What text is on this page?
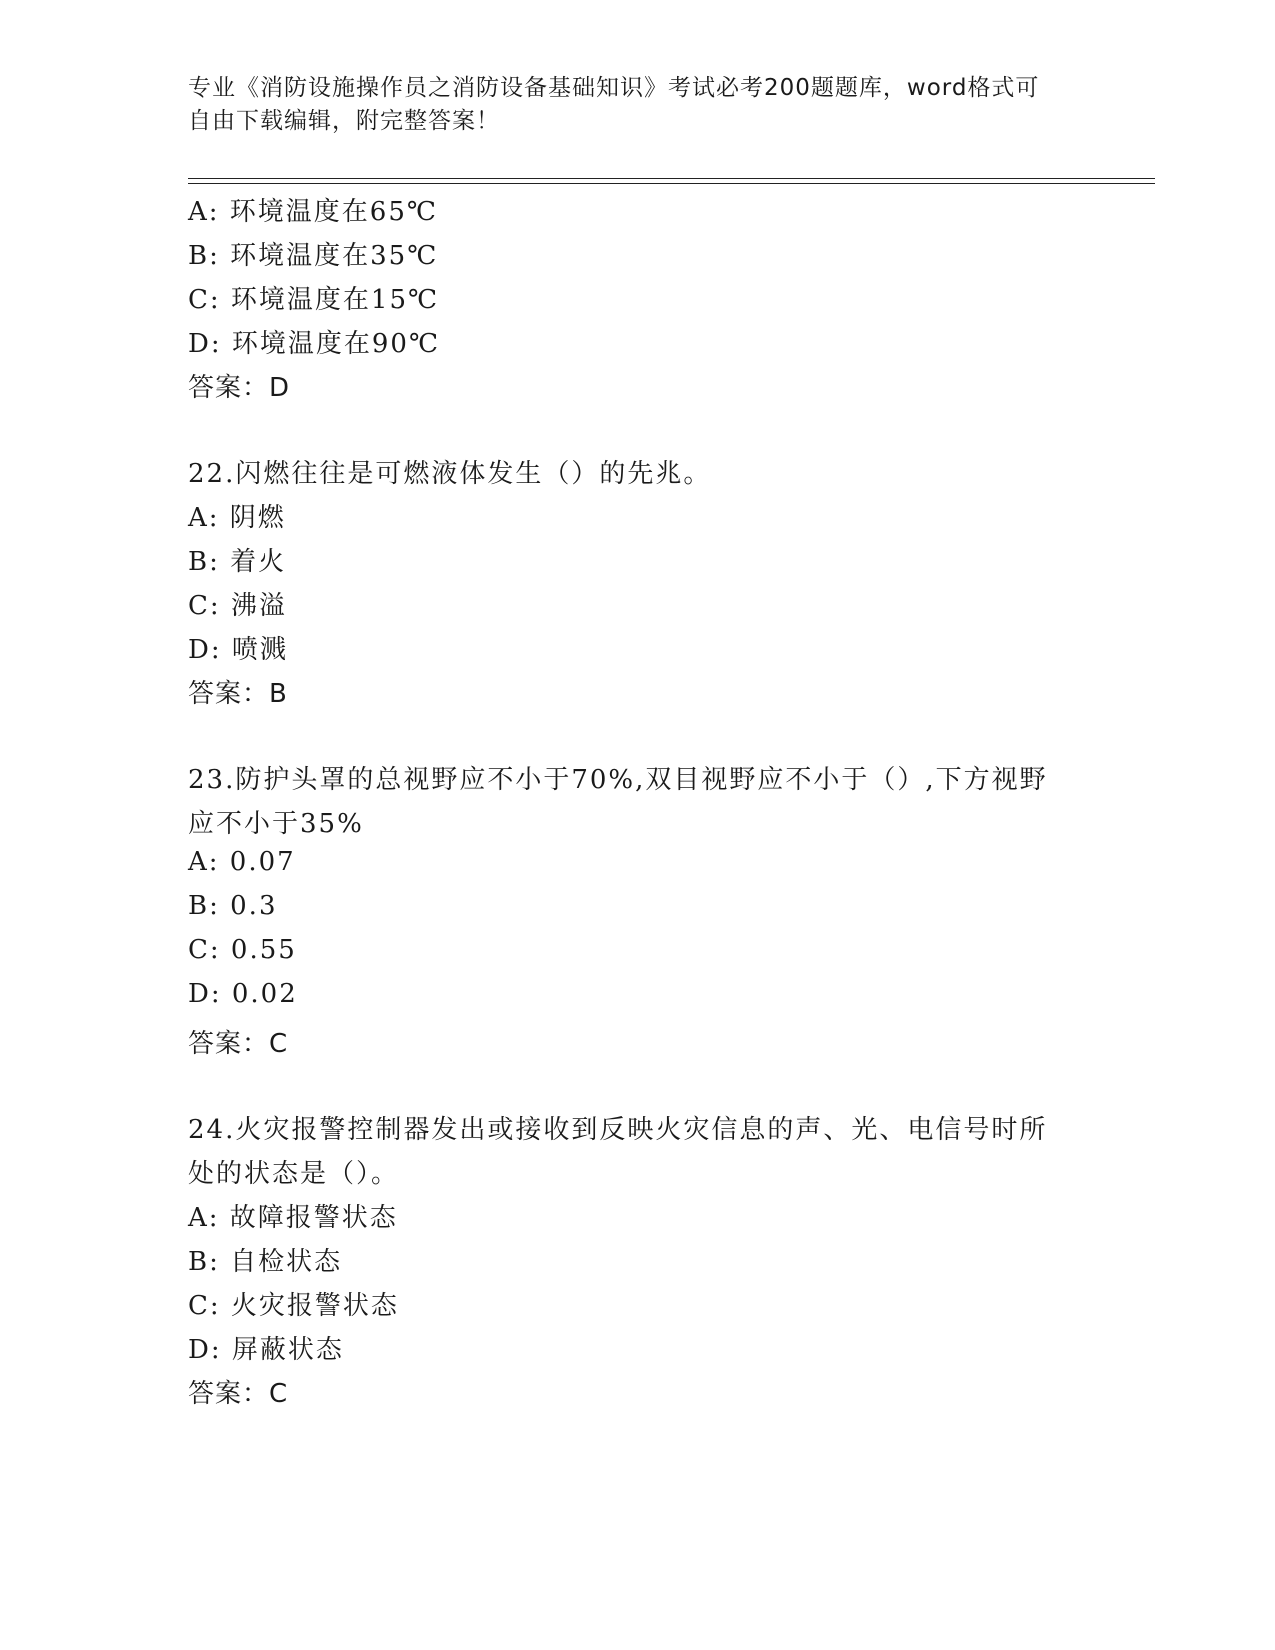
专业《消防设施操作员之消防设备基础知识》考试必考200题题库，word格式可
自由下载编辑，附完整答案！
A: 环境温度在65℃
B: 环境温度在35℃
C: 环境温度在15℃
D: 环境温度在90℃
答案：D
22.闪燃往往是可燃液体发生（）的先兆。
A: 阴燃
B: 着火
C: 沸溢
D: 喷溅
答案：B
23.防护头罩的总视野应不小于70%,双目视野应不小于（）,下方视野
应不小于35%
A: 0.07
B: 0.3
C: 0.55
D: 0.02
答案：C
24.火灾报警控制器发出或接收到反映火灾信息的声、光、电信号时所
处的状态是（）。
A: 故障报警状态
B: 自检状态
C: 火灾报警状态
D: 屏蔽状态
答案：C
